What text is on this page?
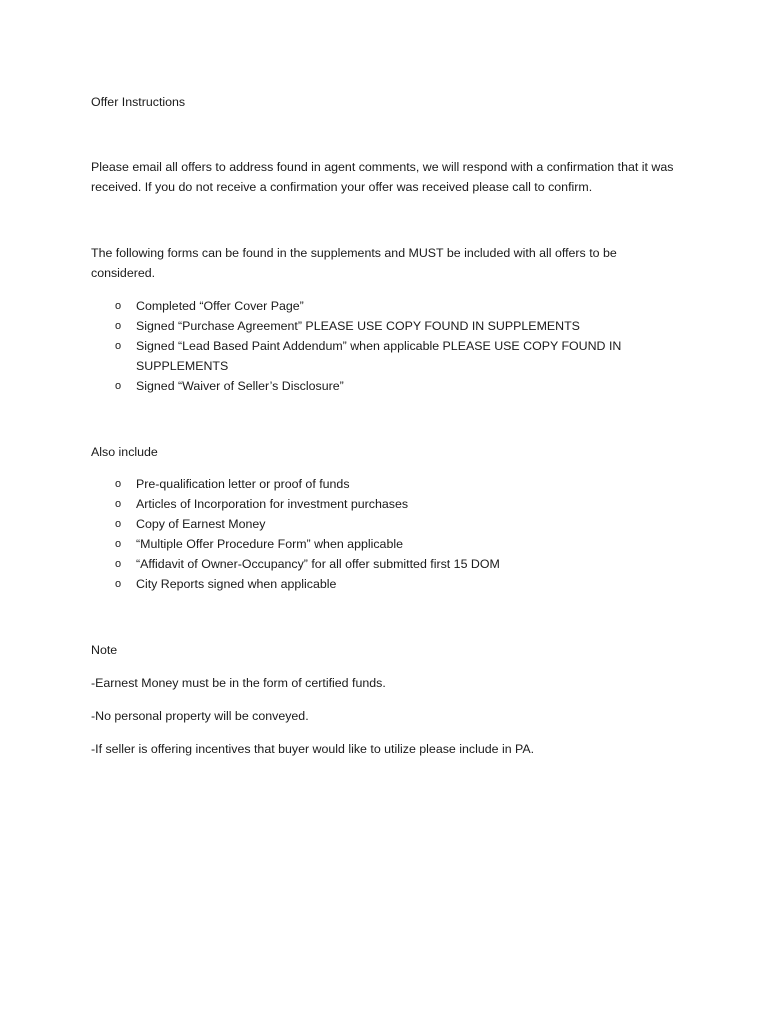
Offer Instructions

Please email all offers to address found in agent comments, we will respond with a confirmation that it was received. If you do not receive a confirmation your offer was received please call to confirm.

The following forms can be found in the supplements and MUST be included with all offers to be considered.

o Completed “Offer Cover Page”
o Signed “Purchase Agreement” PLEASE USE COPY FOUND IN SUPPLEMENTS
o Signed “Lead Based Paint Addendum” when applicable PLEASE USE COPY FOUND IN SUPPLEMENTS
o Signed “Waiver of Seller’s Disclosure”

Also include

o Pre-qualification letter or proof of funds
o Articles of Incorporation for investment purchases
o Copy of Earnest Money
o “Multiple Offer Procedure Form” when applicable
o “Affidavit of Owner-Occupancy” for all offer submitted first 15 DOM
o City Reports signed when applicable

Note

-Earnest Money must be in the form of certified funds.

-No personal property will be conveyed.

-If seller is offering incentives that buyer would like to utilize please include in PA.
